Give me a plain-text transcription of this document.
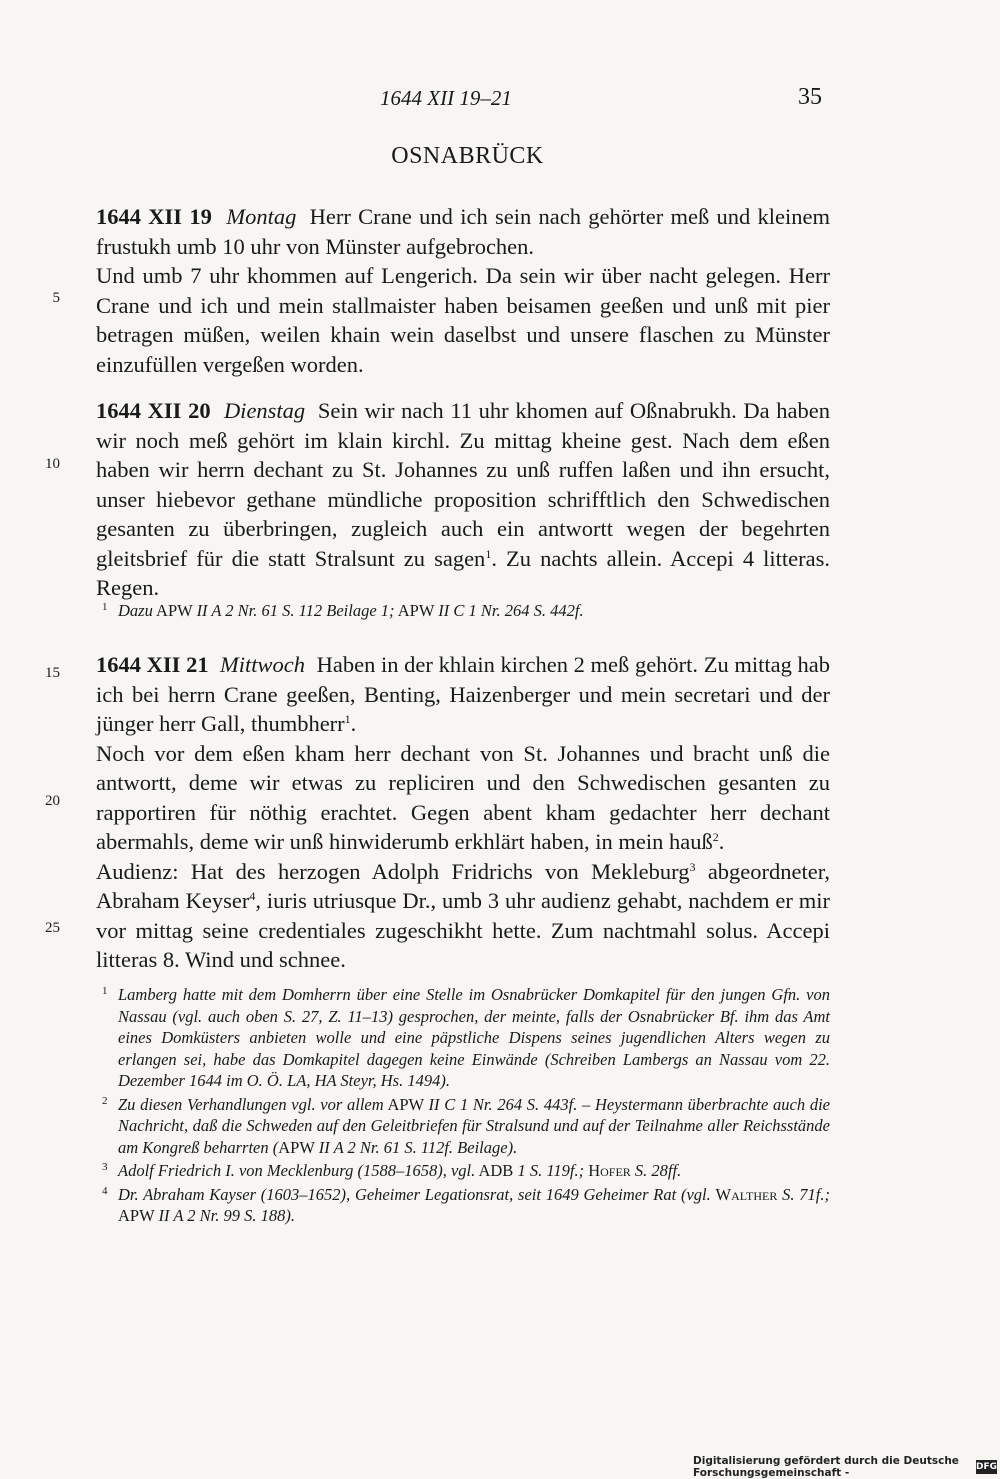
1644 XII 19–21	35
OSNABRÜCK

1644 XII 19 Montag Herr Crane und ich sein nach gehörter meß und kleinem frustukh umb 10 uhr von Münster aufgebrochen.

Und umb 7 uhr khommen auf Lengerich. Da sein wir über nacht gelegen. Herr Crane und ich und mein stallmaister haben beisamen geeßen und unß mit pier betragen müßen, weilen khain wein daselbst und unsere flaschen zu Münster einzufüllen vergeßen worden.

1644 XII 20 Dienstag Sein wir nach 11 uhr khomen auf Oßnabrukh. Da haben wir noch meß gehört im klain kirchl. Zu mittag kheine gest. Nach dem eßen haben wir herrn dechant zu St. Johannes zu unß ruffen laßen und ihn ersucht, unser hiebevor gethane mündliche proposition schrifftlich den Schwedischen gesanten zu überbringen, zugleich auch ein antwortt wegen der begehrten gleitsbrief für die statt Stralsunt zu sagen$^1$. Zu nachts allein. Accepi 4 litteras. Regen.

1 Dazu APW II A 2 Nr. 61 S. 112 Beilage 1; APW II C 1 Nr. 264 S. 442f.

1644 XII 21 Mittwoch Haben in der khlain kirchen 2 meß gehört. Zu mittag hab ich bei herrn Crane geeßen, Benting, Haizenberger und mein secretari und der jünger herr Gall, thumbherr$^1$.

Noch vor dem eßen kham herr dechant von St. Johannes und bracht unß die antwortt, deme wir etwas zu repliciren und den Schwedischen gesanten zu rapportiren für nöthig erachtet. Gegen abent kham gedachter herr dechant abermahls, deme wir unß hinwiderumb erkhlärt haben, in mein hauß$^2$.

Audienz: Hat des herzogen Adolph Fridrichs von Mekleburg$^3$ abgeordneter, Abraham Keyser$^4$, iuris utriusque Dr., umb 3 uhr audienz gehabt, nachdem er mir vor mittag seine credentiales zugeschikht hette. Zum nachtmahl solus. Accepi litteras 8. Wind und schnee.

5
10
15
20
25
1 Lamberg hatte mit dem Domherrn über eine Stelle im Osnabrücker Domkapitel für den jungen Gfn. von Nassau (vgl. auch oben S. 27, Z. 11–13) gesprochen, der meinte, falls der Osnabrücker Bf. ihm das Amt eines Domküsters anbieten wolle und eine päpstliche Dispens seines jugendlichen Alters wegen zu erlangen sei, habe das Domkapitel dagegen keine Einwände (Schreiben Lambergs an Nassau vom 22. Dezember 1644 im O. Ö. LA, HA Steyr, Hs. 1494).
2 Zu diesen Verhandlungen vgl. vor allem APW II C 1 Nr. 264 S. 443f. – Heystermann überbrachte auch die Nachricht, daß die Schweden auf den Geleitbriefen für Stralsund und auf der Teilnahme aller Reichsstände am Kongreß beharrten (APW II A 2 Nr. 61 S. 112f. Beilage).
3 Adolf Friedrich I. von Mecklenburg (1588–1658), vgl. ADB 1 S. 119f.; Hofer S. 28ff.
4 Dr. Abraham Kayser (1603–1652), Geheimer Legationsrat, seit 1649 Geheimer Rat (vgl. Walther S. 71f.; APW II A 2 Nr. 99 S. 188).
Digitalisierung gefördert durch die Deutsche Forschungsgemeinschaft -	DFG
